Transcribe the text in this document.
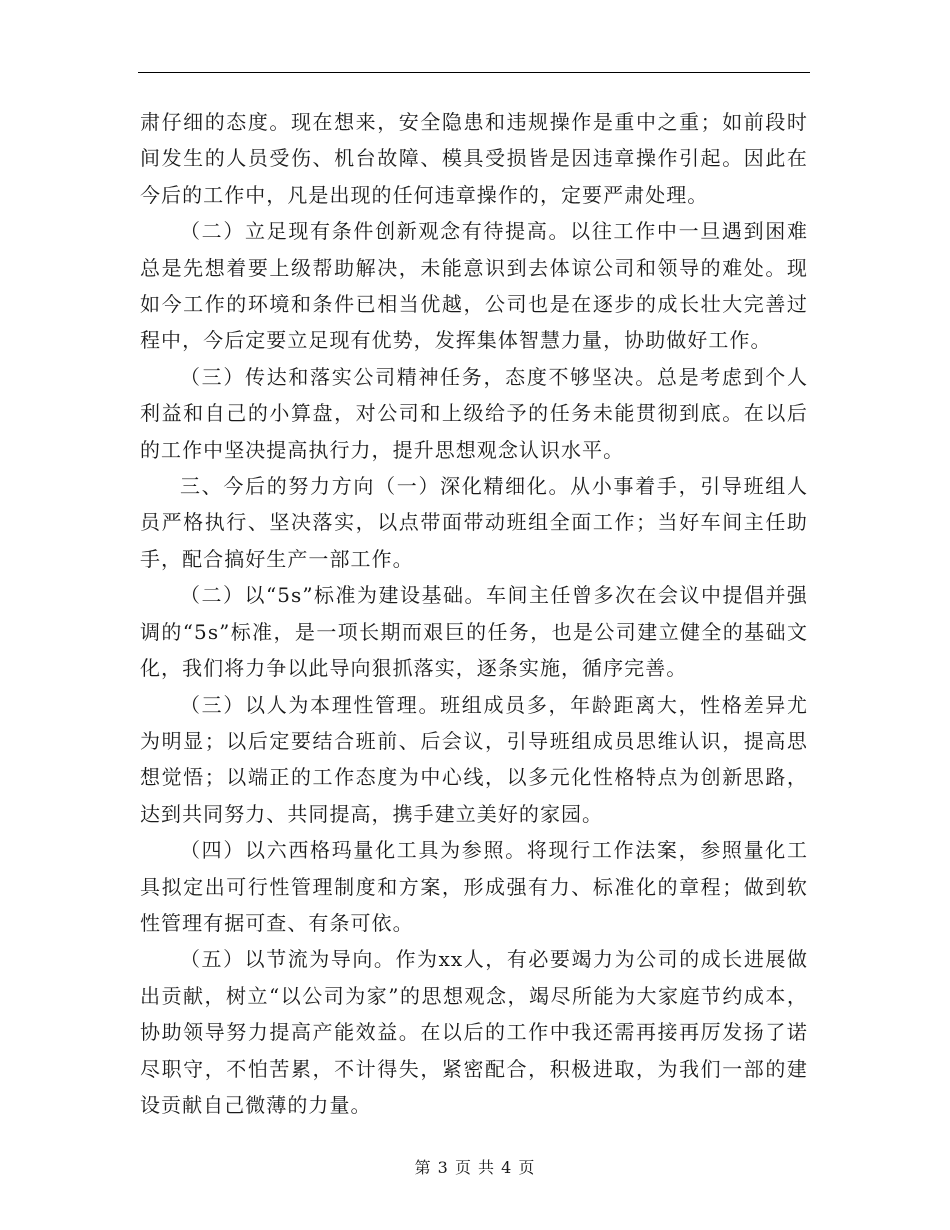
肃仔细的态度。现在想来，安全隐患和违规操作是重中之重；如前段时间发生的人员受伤、机台故障、模具受损皆是因违章操作引起。因此在今后的工作中，凡是出现的任何违章操作的，定要严肃处理。

（二）立足现有条件创新观念有待提高。以往工作中一旦遇到困难总是先想着要上级帮助解决，未能意识到去体谅公司和领导的难处。现如今工作的环境和条件已相当优越，公司也是在逐步的成长壮大完善过程中，今后定要立足现有优势，发挥集体智慧力量，协助做好工作。

（三）传达和落实公司精神任务，态度不够坚决。总是考虑到个人利益和自己的小算盘，对公司和上级给予的任务未能贯彻到底。在以后的工作中坚决提高执行力，提升思想观念认识水平。

三、今后的努力方向（一）深化精细化。从小事着手，引导班组人员严格执行、坚决落实，以点带面带动班组全面工作；当好车间主任助手，配合搞好生产一部工作。

（二）以“5s”标准为建设基础。车间主任曾多次在会议中提倡并强调的“5s”标准，是一项长期而艰巨的任务，也是公司建立健全的基础文化，我们将力争以此导向狠抓落实，逐条实施，循序完善。

（三）以人为本理性管理。班组成员多，年龄距离大，性格差异尤为明显；以后定要结合班前、后会议，引导班组成员思维认识，提高思想觉悟；以端正的工作态度为中心线，以多元化性格特点为创新思路，达到共同努力、共同提高，携手建立美好的家园。

（四）以六西格玛量化工具为参照。将现行工作法案，参照量化工具拟定出可行性管理制度和方案，形成强有力、标准化的章程；做到软性管理有据可查、有条可依。

（五）以节流为导向。作为xx人，有必要竭力为公司的成长进展做出贡献，树立“以公司为家”的思想观念，竭尽所能为大家庭节约成本，协助领导努力提高产能效益。在以后的工作中我还需再接再厉发扬了诺尽职守，不怕苦累，不计得失，紧密配合，积极进取，为我们一部的建设贡献自己微薄的力量。

第 3 页 共 4 页
